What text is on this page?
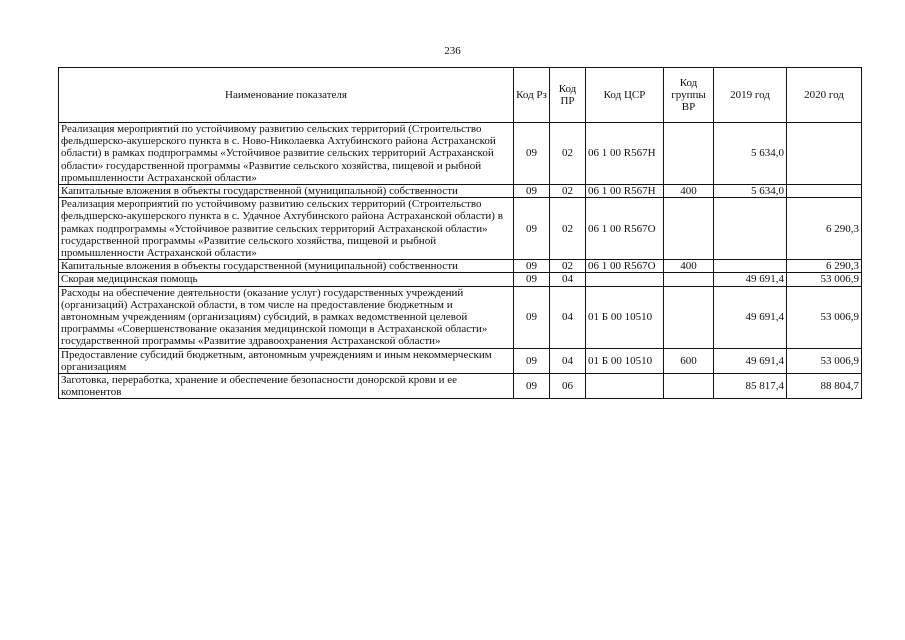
236
Наименование показателя	Код Рз	Код ПР	Код ЦСР	Код группы ВР	2019 год	2020 год
Реализация мероприятий по устойчивому развитию сельских территорий (Строительство фельдшерско-акушерского пункта в с. Ново-Николаевка Ахтубинского района Астраханской области) в рамках подпрограммы «Устойчивое развитие сельских территорий Астраханской области» государственной программы «Развитие сельского хозяйства, пищевой и рыбной промышленности Астраханской области»	09	02	06 1 00 R567Н		5 634,0	
Капитальные вложения в объекты государственной (муниципальной) собственности	09	02	06 1 00 R567Н	400	5 634,0	
Реализация мероприятий по устойчивому развитию сельских территорий (Строительство фельдшерско-акушерского пункта в с. Удачное Ахтубинского района Астраханской области) в рамках подпрограммы «Устойчивое развитие сельских территорий Астраханской области» государственной программы «Развитие сельского хозяйства, пищевой и рыбной промышленности Астраханской области»	09	02	06 1 00 R567О			6 290,3
Капитальные вложения в объекты государственной (муниципальной) собственности	09	02	06 1 00 R567О	400		6 290,3
Скорая медицинская помощь	09	04			49 691,4	53 006,9
Расходы на обеспечение деятельности (оказание услуг) государственных учреждений (организаций) Астраханской области, в том числе на предоставление бюджетным и автономным учреждениям (организациям) субсидий, в рамках ведомственной целевой программы «Совершенствование оказания медицинской помощи в Астраханской области» государственной программы «Развитие здравоохранения Астраханской области»	09	04	01 Б 00 10510		49 691,4	53 006,9
Предоставление субсидий бюджетным, автономным учреждениям и иным некоммерческим организациям	09	04	01 Б 00 10510	600	49 691,4	53 006,9
Заготовка, переработка, хранение и обеспечение безопасности донорской крови и ее компонентов	09	06			85 817,4	88 804,7
